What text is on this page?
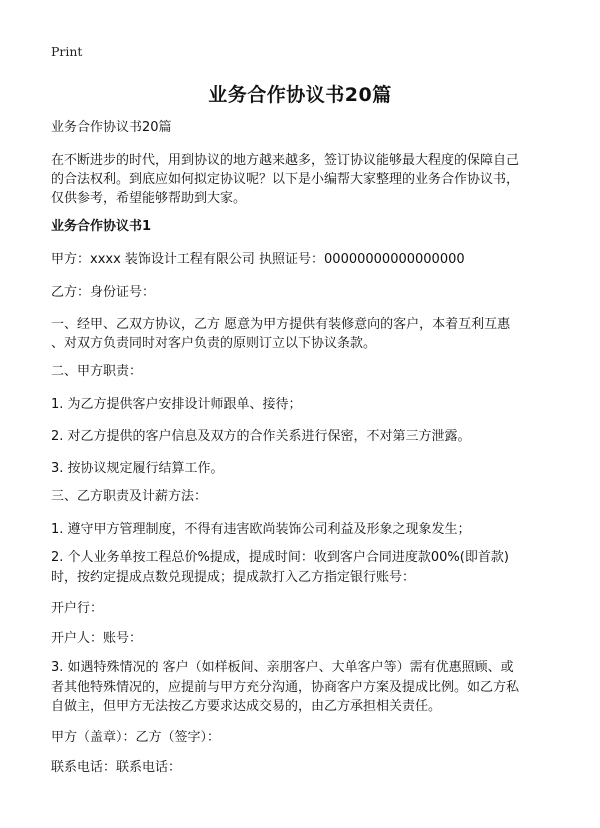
Print
业务合作协议书20篇
业务合作协议书20篇
在不断进步的时代，用到协议的地方越来越多，签订协议能够最大程度的保障自己
的合法权利。到底应如何拟定协议呢？以下是小编帮大家整理的业务合作协议书，
仅供参考，希望能够帮助到大家。
业务合作协议书1
甲方：xxxx 装饰设计工程有限公司 执照证号：00000000000000000
乙方：身份证号：
一、经甲、乙双方协议，乙方 愿意为甲方提供有装修意向的客户，本着互利互惠
、对双方负责同时对客户负责的原则订立以下协议条款。
二、甲方职责：
1. 为乙方提供客户安排设计师跟单、接待；
2. 对乙方提供的客户信息及双方的合作关系进行保密，不对第三方泄露。
3. 按协议规定履行结算工作。
三、乙方职责及计薪方法：
1. 遵守甲方管理制度，不得有违害欧尚装饰公司利益及形象之现象发生；
2. 个人业务单按工程总价%提成，提成时间：收到客户合同进度款00%(即首款)
时，按约定提成点数兑现提成；提成款打入乙方指定银行账号：
开户行：
开户人：账号：
3. 如遇特殊情况的 客户（如样板间、亲朋客户、大单客户等）需有优惠照顾、或
者其他特殊情况的，应提前与甲方充分沟通，协商客户方案及提成比例。如乙方私
自做主，但甲方无法按乙方要求达成交易的，由乙方承担相关责任。
甲方（盖章）：乙方（签字）：
联系电话：联系电话：
